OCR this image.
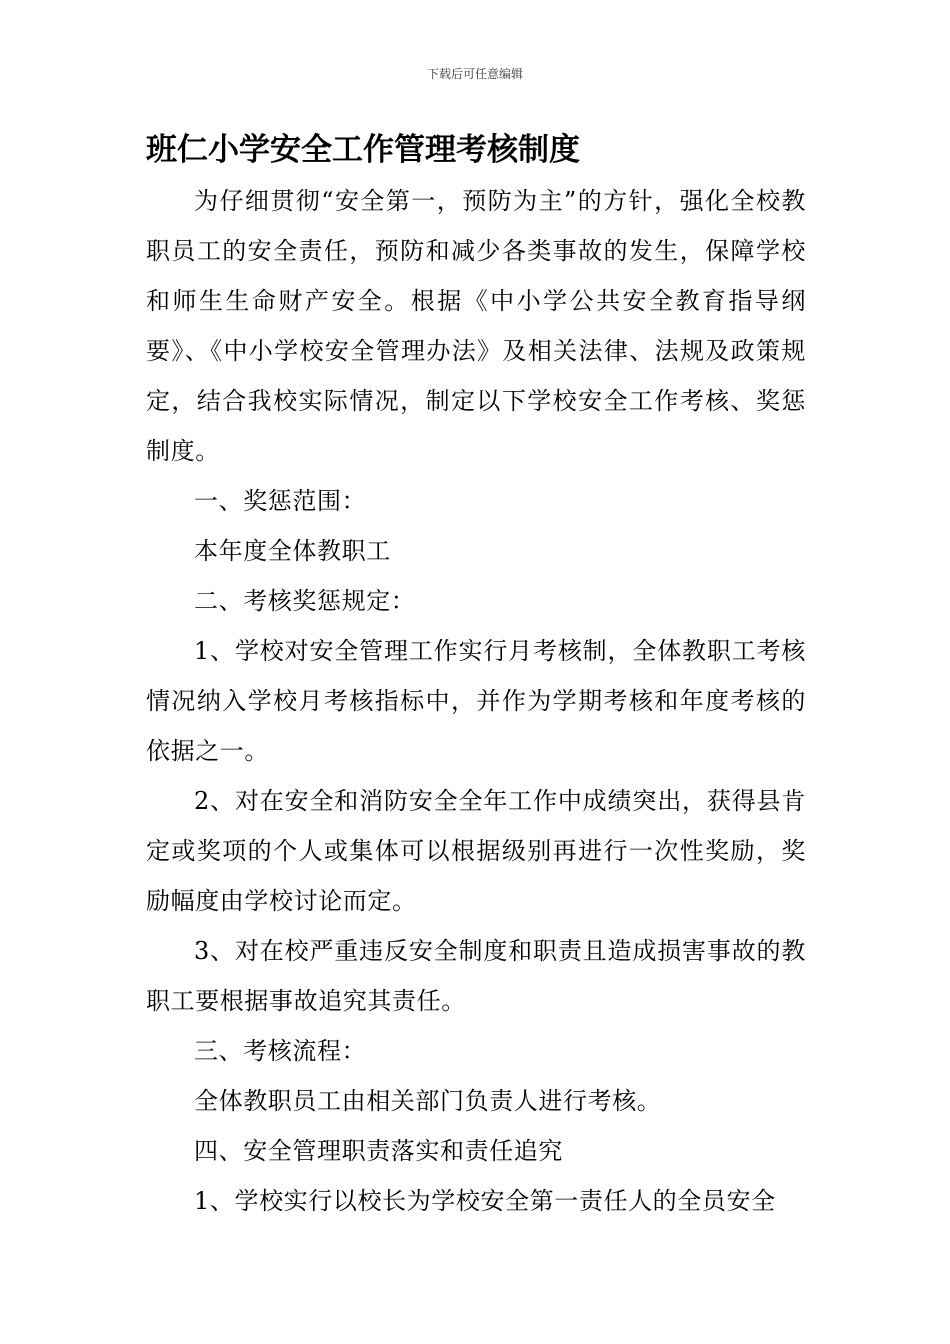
下载后可任意编辑
班仁小学安全工作管理考核制度

为仔细贯彻“安全第一，预防为主”的方针，强化全校教职员工的安全责任，预防和减少各类事故的发生，保障学校和师生生命财产安全。根据《中小学公共安全教育指导纲要》、《中小学校安全管理办法》及相关法律、法规及政策规定，结合我校实际情况，制定以下学校安全工作考核、奖惩制度。

一、奖惩范围：

本年度全体教职工

二、考核奖惩规定：

1、学校对安全管理工作实行月考核制，全体教职工考核情况纳入学校月考核指标中，并作为学期考核和年度考核的依据之一。

2、对在安全和消防安全全年工作中成绩突出，获得县肯定或奖项的个人或集体可以根据级别再进行一次性奖励，奖励幅度由学校讨论而定。

3、对在校严重违反安全制度和职责且造成损害事故的教职工要根据事故追究其责任。

三、考核流程：

全体教职员工由相关部门负责人进行考核。

四、安全管理职责落实和责任追究

1、学校实行以校长为学校安全第一责任人的全员安全
